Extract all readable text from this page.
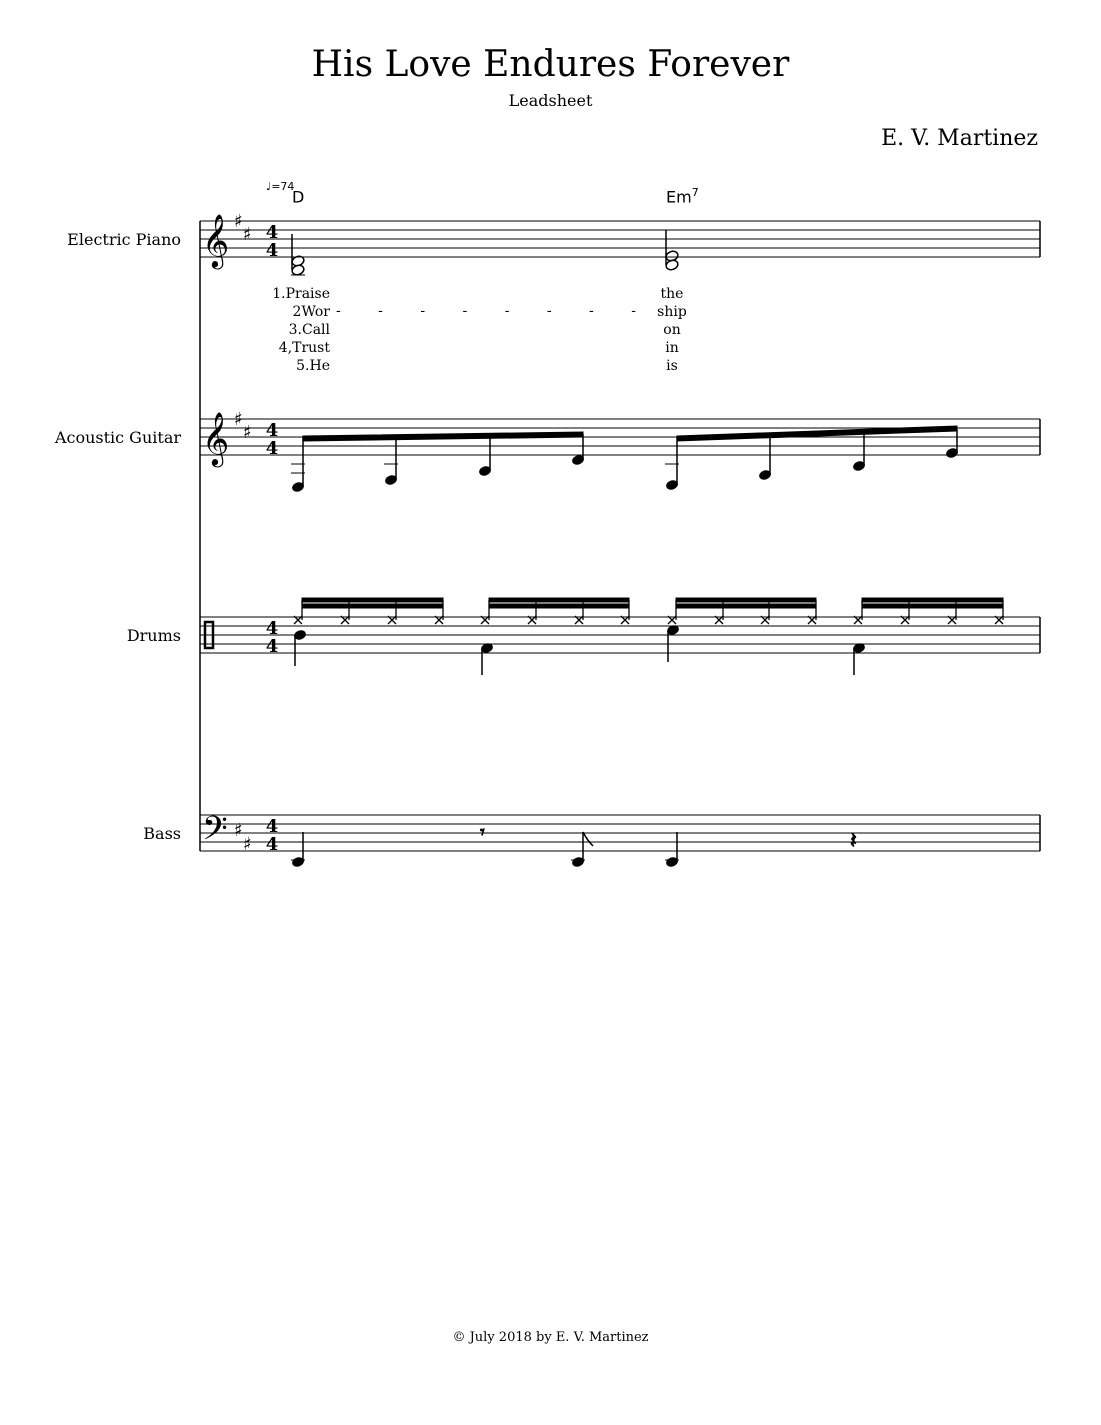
His Love Endures Forever
Leadsheet
E. V. Martinez
Electric Piano
Acoustic Guitar
Drums
Bass
♩=74
D	Em$^7$
1.Praise
2Wor
3.Call
4,Trust
5.He
the
ship
on
in
is
-	-	-	-	-	-	-	-
𝄞
𝄞
𝄢
♯
♯
♯
♯
♯
♯
4
4
4
4
4
4
4
4
𝄾	𝄽
© July 2018 by E. V. Martinez
